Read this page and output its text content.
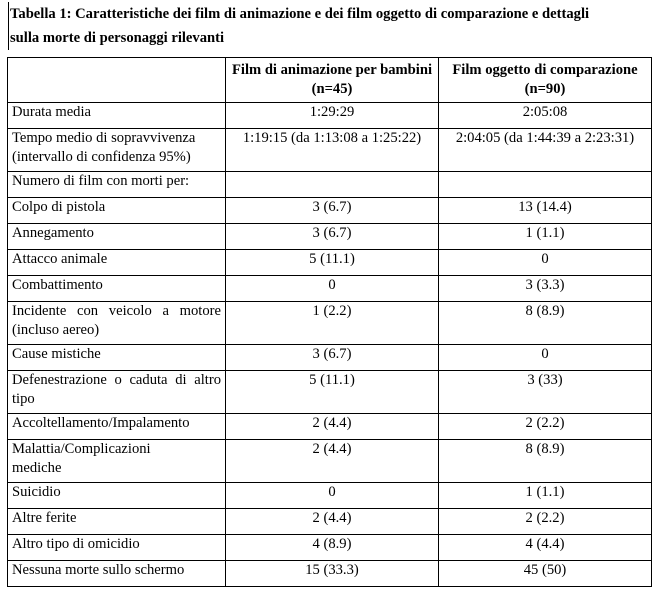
Tabella 1: Caratteristiche dei film di animazione e dei film oggetto di comparazione e dettagli
sulla morte di personaggi rilevanti
	Film di animazione per bambini (n=45)	Film oggetto di comparazione (n=90)
Durata media	1:29:29	2:05:08
Tempo medio di sopravvivenza (intervallo di confidenza 95%)	1:19:15 (da 1:13:08 a 1:25:22)	2:04:05 (da 1:44:39 a 2:23:31)
Numero di film con morti per:		
Colpo di pistola	3 (6.7)	13 (14.4)
Annegamento	3 (6.7)	1 (1.1)
Attacco animale	5 (11.1)	0
Combattimento	0	3 (3.3)
Incidente con veicolo a motore (incluso aereo)	1 (2.2)	8 (8.9)
Cause mistiche	3 (6.7)	0
Defenestrazione o caduta di altro tipo	5 (11.1)	3 (33)
Accoltellamento/Impalamento	2 (4.4)	2 (2.2)
Malattia/Complicazioni mediche	2 (4.4)	8 (8.9)
Suicidio	0	1 (1.1)
Altre ferite	2 (4.4)	2 (2.2)
Altro tipo di omicidio	4 (8.9)	4 (4.4)
Nessuna morte sullo schermo	15 (33.3)	45 (50)
